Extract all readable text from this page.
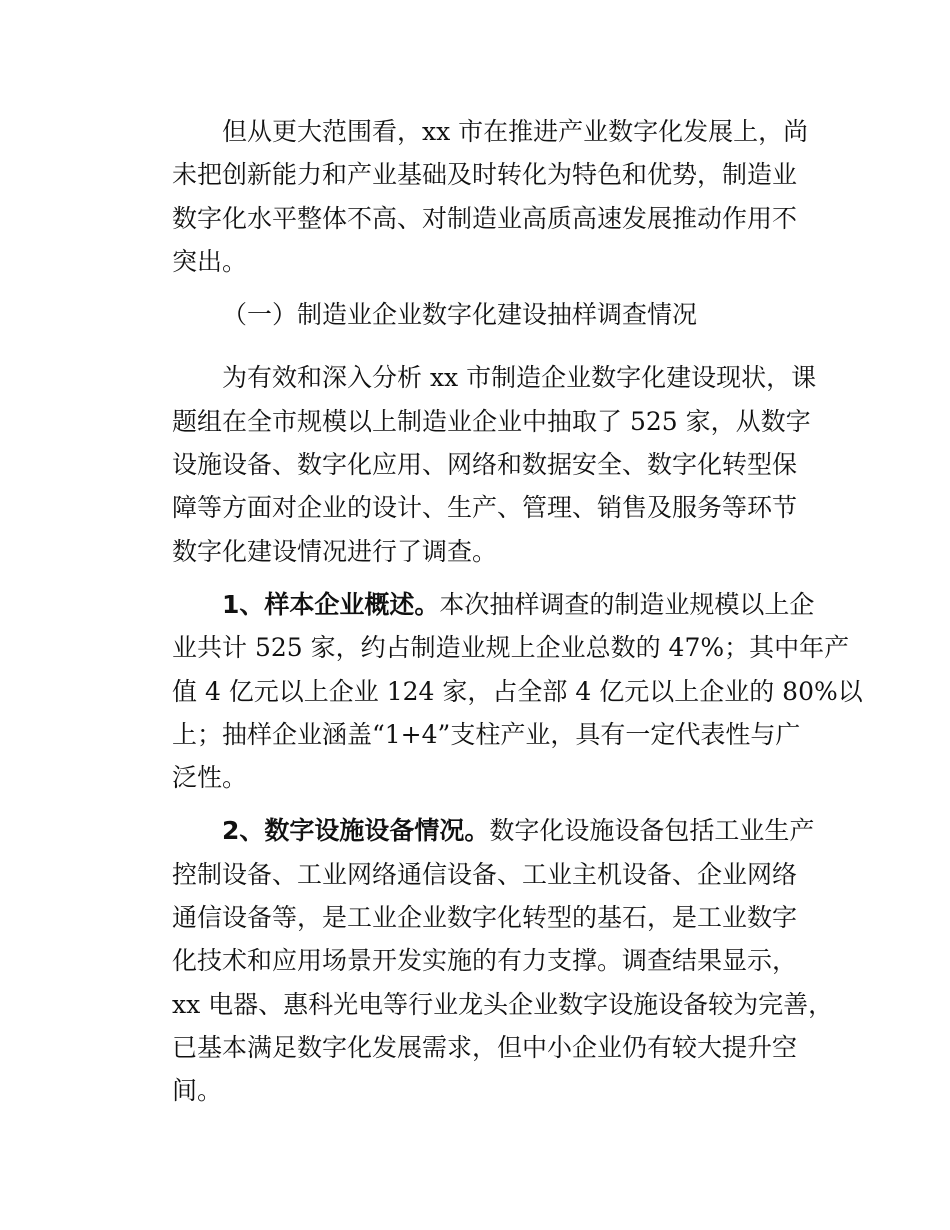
但从更大范围看，xx 市在推进产业数字化发展上，尚
未把创新能力和产业基础及时转化为特色和优势，制造业
数字化水平整体不高、对制造业高质高速发展推动作用不
突出。
（一）制造业企业数字化建设抽样调查情况
为有效和深入分析 xx 市制造企业数字化建设现状，课
题组在全市规模以上制造业企业中抽取了 525 家，从数字
设施设备、数字化应用、网络和数据安全、数字化转型保
障等方面对企业的设计、生产、管理、销售及服务等环节
数字化建设情况进行了调查。
1、样本企业概述。本次抽样调查的制造业规模以上企
业共计 525 家，约占制造业规上企业总数的 47%；其中年产
值 4 亿元以上企业 124 家，占全部 4 亿元以上企业的 80%以
上；抽样企业涵盖“1+4”支柱产业，具有一定代表性与广
泛性。
2、数字设施设备情况。数字化设施设备包括工业生产
控制设备、工业网络通信设备、工业主机设备、企业网络
通信设备等，是工业企业数字化转型的基石，是工业数字
化技术和应用场景开发实施的有力支撑。调查结果显示，
xx 电器、惠科光电等行业龙头企业数字设施设备较为完善，
已基本满足数字化发展需求，但中小企业仍有较大提升空
间。
